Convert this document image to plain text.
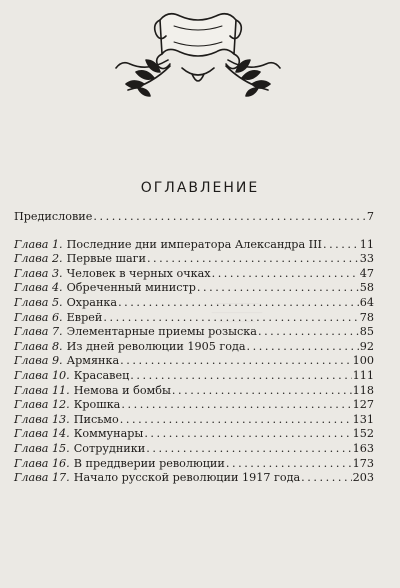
ОГЛАВЛЕНИЕ
Предисловие . . .	7
Глава 1. Последние дни императора Александра III . . .	11
Глава 2. Первые шаги . . .	33
Глава 3. Человек в черных очках . . .	47
Глава 4. Обреченный министр . . .	58
Глава 5. Охранка . . .	64
Глава 6. Еврей . . .	78
Глава 7. Элементарные приемы розыска . . .	85
Глава 8. Из дней революции 1905 года . . .	92
Глава 9. Армянка . . .	100
Глава 10. Красавец . . .	111
Глава 11. Немова и бомбы . . .	118
Глава 12. Крошка . . .	127
Глава 13. Письмо . . .	131
Глава 14. Коммунары . . .	152
Глава 15. Сотрудники . . .	163
Глава 16. В преддверии революции . . .	173
Глава 17. Начало русской революции 1917 года . . .	203
────────────
──────────────
──────────
